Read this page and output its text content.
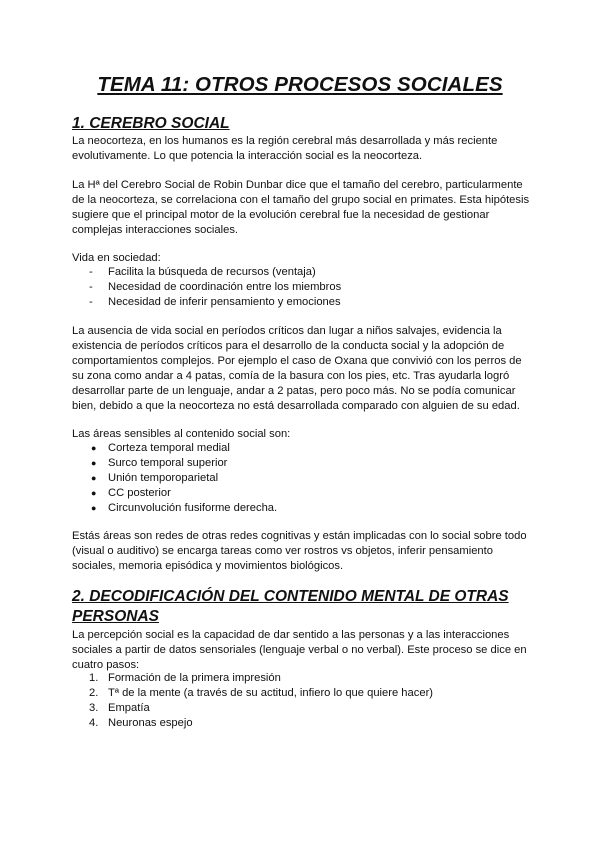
TEMA 11: OTROS PROCESOS SOCIALES
1. CEREBRO SOCIAL

La neocorteza, en los humanos es la región cerebral más desarrollada y más reciente evolutivamente. Lo que potencia la interacción social es la neocorteza.

La Hª del Cerebro Social de Robin Dunbar dice que el tamaño del cerebro, particularmente de la neocorteza, se correlaciona con el tamaño del grupo social en primates. Esta hipótesis sugiere que el principal motor de la evolución cerebral fue la necesidad de gestionar complejas interacciones sociales.

Vida en sociedad:

- Facilita la búsqueda de recursos (ventaja)
- Necesidad de coordinación entre los miembros
- Necesidad de inferir pensamiento y emociones

La ausencia de vida social en períodos críticos dan lugar a niños salvajes, evidencia la existencia de períodos críticos para el desarrollo de la conducta social y la adopción de comportamientos complejos. Por ejemplo el caso de Oxana que convivió con los perros de su zona como andar a 4 patas, comía de la basura con los pies, etc. Tras ayudarla logró desarrollar parte de un lenguaje, andar a 2 patas, pero poco más. No se podía comunicar bien, debido a que la neocorteza no está desarrollada comparado con alguien de su edad.

Las áreas sensibles al contenido social son:

● Corteza temporal medial
● Surco temporal superior
● Unión temporoparietal
● CC posterior
● Circunvolución fusiforme derecha.

Estás áreas son redes de otras redes cognitivas y están implicadas con lo social sobre todo (visual o auditivo) se encarga tareas como ver rostros vs objetos, inferir pensamiento sociales, memoria episódica y movimientos biológicos.

2. DECODIFICACIÓN DEL CONTENIDO MENTAL DE OTRAS PERSONAS

La percepción social es la capacidad de dar sentido a las personas y a las interacciones sociales a partir de datos sensoriales (lenguaje verbal o no verbal). Este proceso se dice en cuatro pasos:

1. Formación de la primera impresión
2. Tª de la mente (a través de su actitud, infiero lo que quiere hacer)
3. Empatía
4. Neuronas espejo
